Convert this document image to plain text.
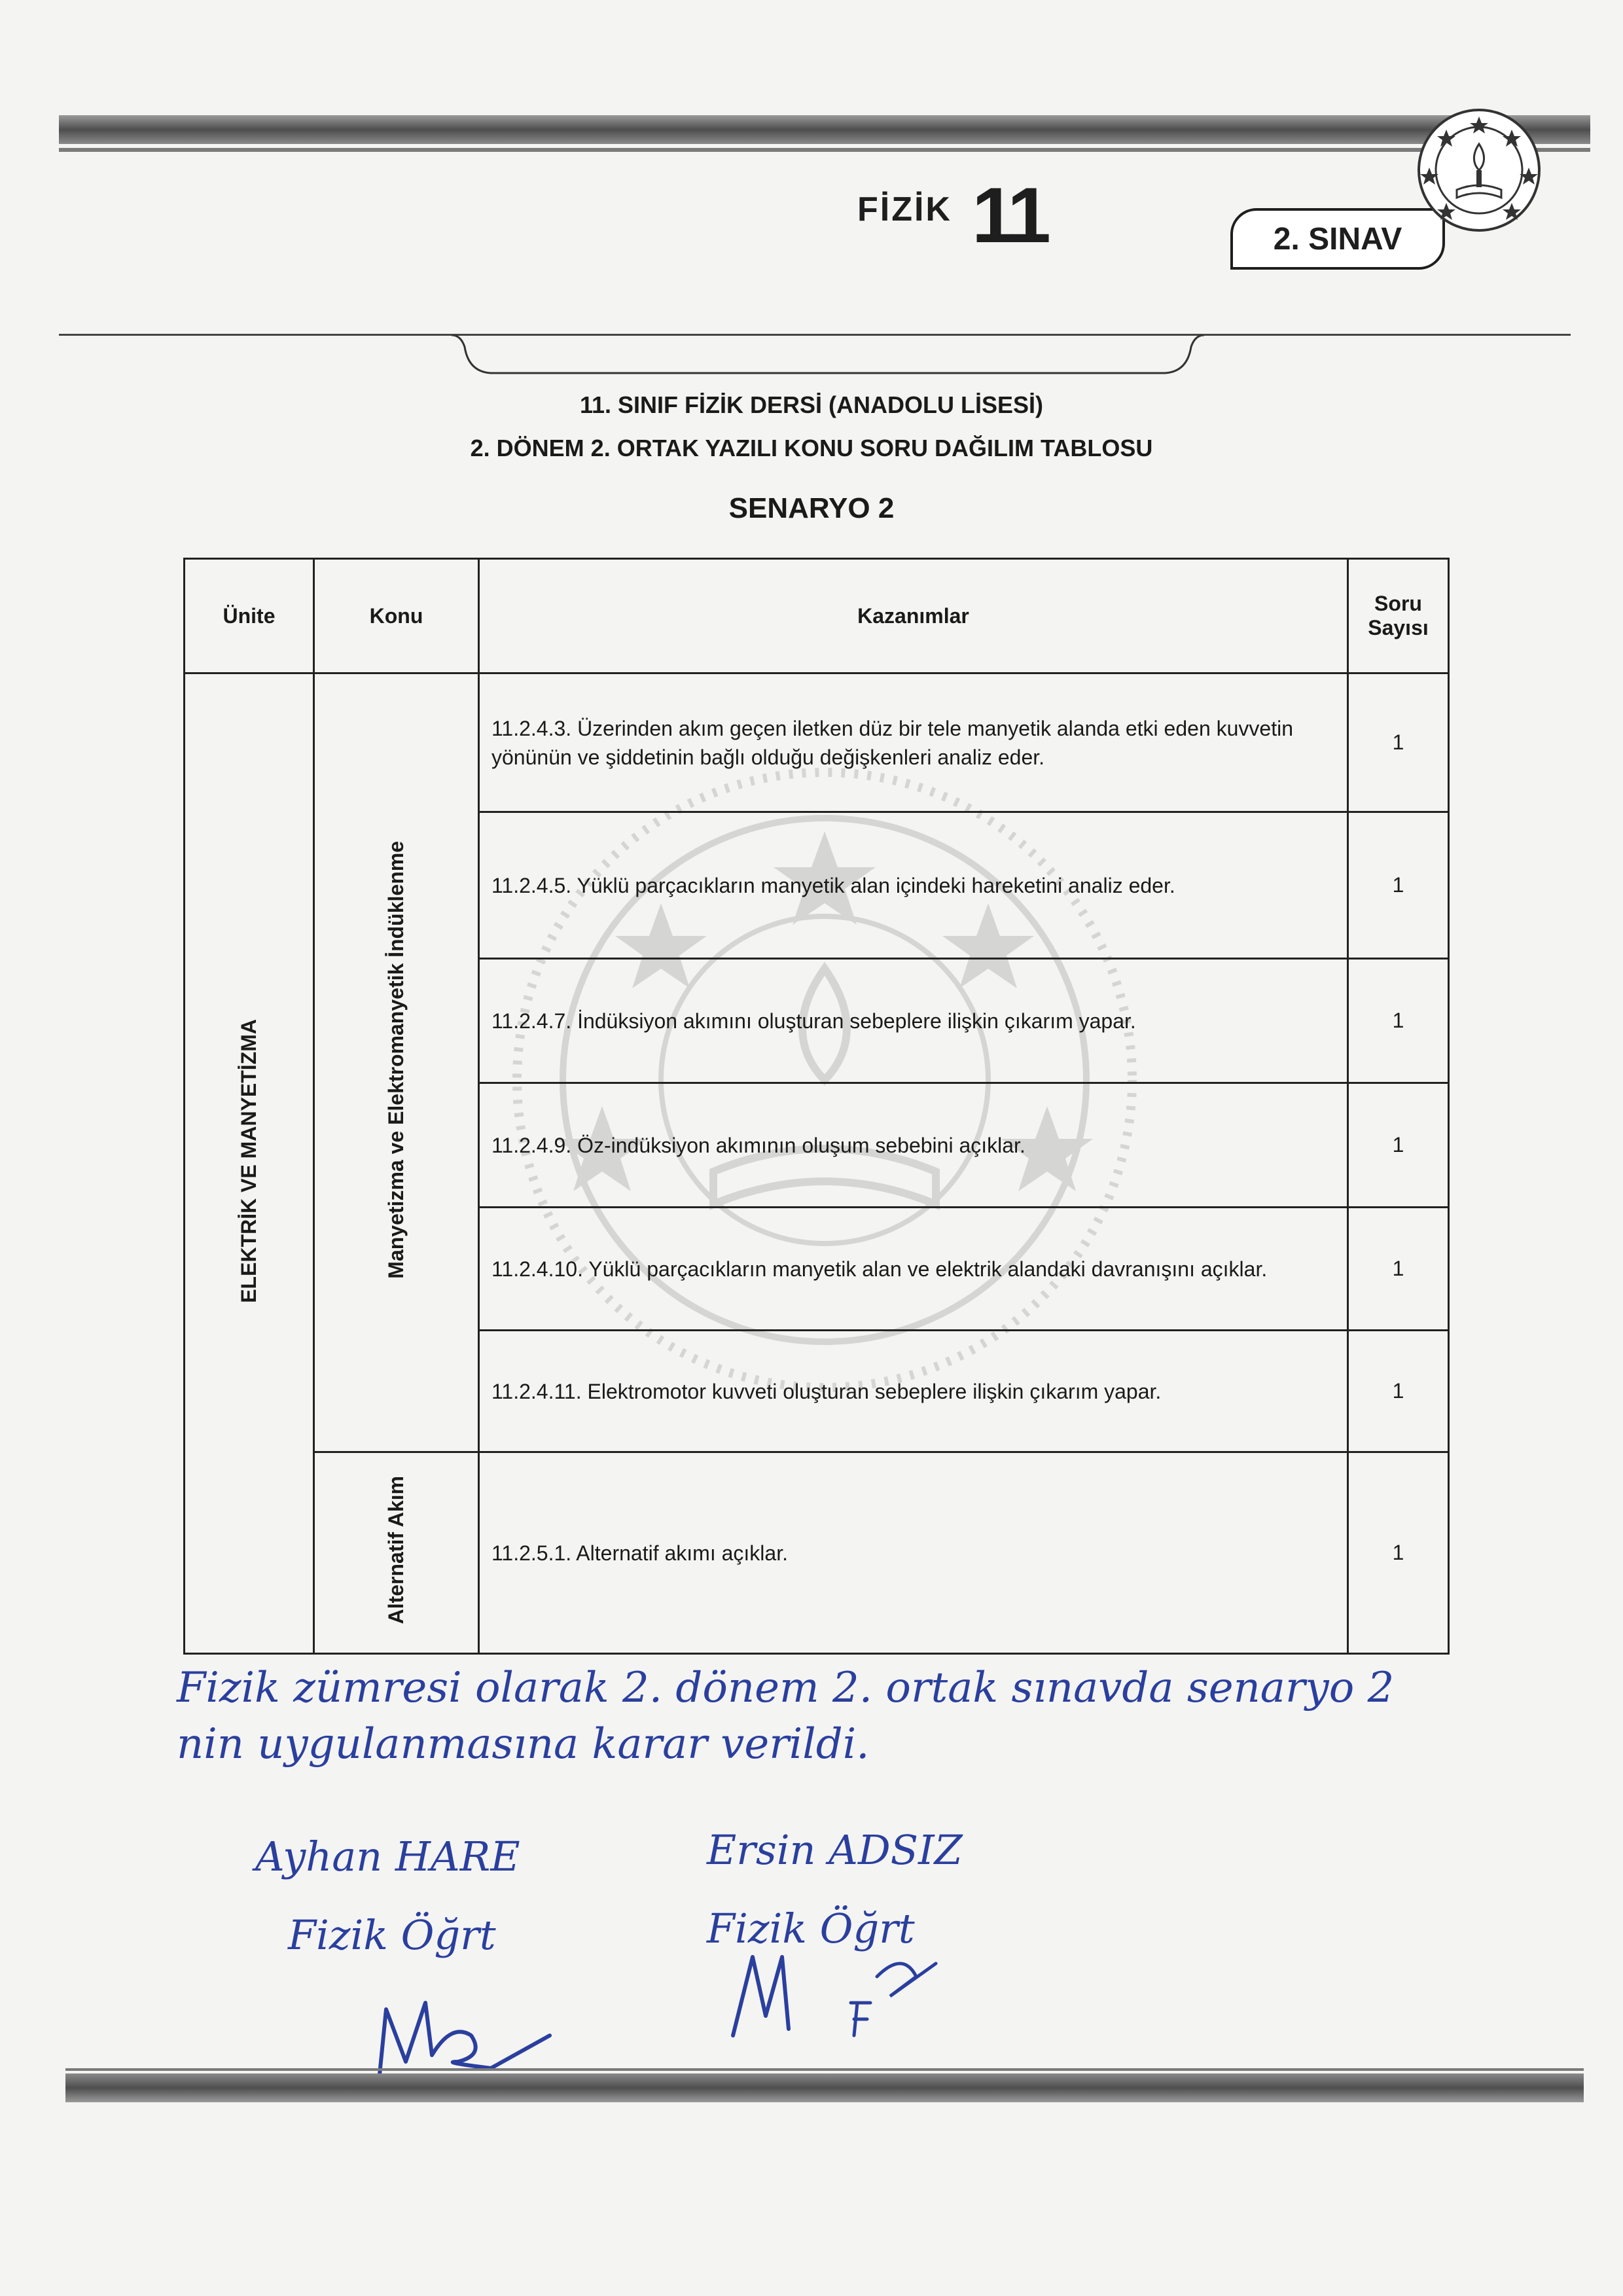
FİZİK 11	2. SINAV
11. SINIF FİZİK DERSİ (ANADOLU LİSESİ)
2. DÖNEM 2. ORTAK YAZILI KONU SORU DAĞILIM TABLOSU
SENARYO 2
Ünite	Konu	Kazanımlar	Soru
Sayısı
ELEKTRİK VE MANYETİZMA	Manyetizma ve Elektromanyetik İndüklenme	11.2.4.3. Üzerinden akım geçen iletken düz bir tele manyetik alanda etki eden kuvvetin yönünün ve şiddetinin bağlı olduğu değişkenleri analiz eder.	1
		11.2.4.5. Yüklü parçacıkların manyetik alan içindeki hareketini analiz eder.	1
		11.2.4.7. İndüksiyon akımını oluşturan sebeplere ilişkin çıkarım yapar.	1
		11.2.4.9. Öz-indüksiyon akımının oluşum sebebini açıklar.	1
		11.2.4.10. Yüklü parçacıkların manyetik alan ve elektrik alandaki davranışını açıklar.	1
		11.2.4.11. Elektromotor kuvveti oluşturan sebeplere ilişkin çıkarım yapar.	1
	Alternatif Akım	11.2.5.1. Alternatif akımı açıklar.	1
Fizik zümresi olarak 2. dönem 2. ortak sınavda senaryo 2
nin uygulanmasına karar verildi.
Ayhan HARE
Fizik Öğrt
Ersin ADSIZ
Fizik Öğrt
